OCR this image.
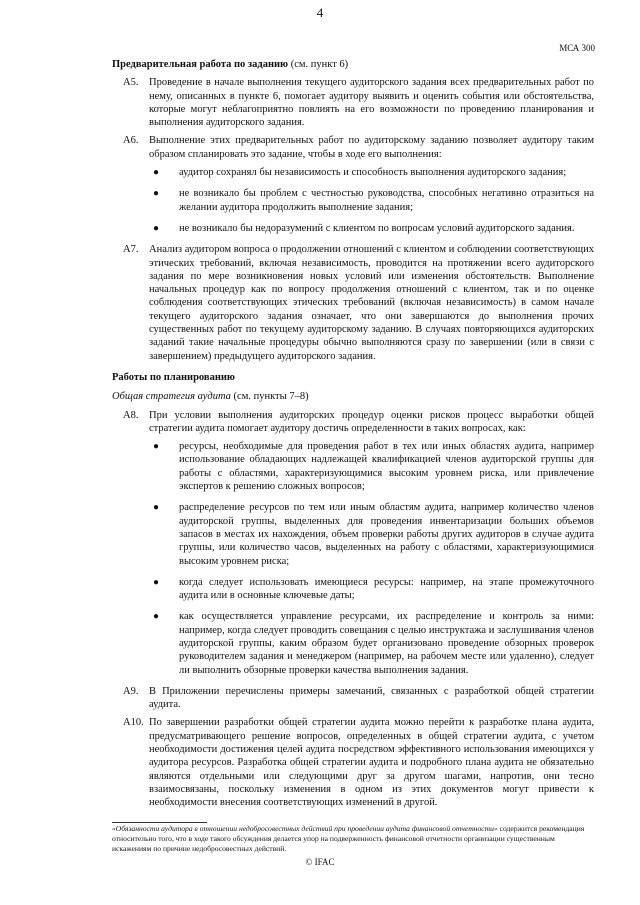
4
МСА 300

Предварительная работа по заданию (см. пункт 6)

A5.	Проведение в начале выполнения текущего аудиторского задания всех предварительных работ по нему, описанных в пункте 6, помогает аудитору выявить и оценить события или обстоятельства, которые могут неблагоприятно повлиять на его возможности по проведению планирования и выполнения аудиторского задания.
A6.	Выполнение этих предварительных работ по аудиторскому заданию позволяет аудитору таким образом спланировать это задание, чтобы в ходе его выполнения:
●	аудитор сохранял бы независимость и способность выполнения аудиторского задания;
●	не возникало бы проблем с честностью руководства, способных негативно отразиться на желании аудитора продолжить выполнение задания;
●	не возникало бы недоразумений с клиентом по вопросам условий аудиторского задания.
A7.	Анализ аудитором вопроса о продолжении отношений с клиентом и соблюдении соответствующих этических требований, включая независимость, проводится на протяжении всего аудиторского задания по мере возникновения новых условий или изменения обстоятельств. Выполнение начальных процедур как по вопросу продолжения отношений с клиентом, так и по оценке соблюдения соответствующих этических требований (включая независимость) в самом начале текущего аудиторского задания означает, что они завершаются до выполнения прочих существенных работ по текущему аудиторскому заданию. В случаях повторяющихся аудиторских заданий такие начальные процедуры обычно выполняются сразу по завершении (или в связи с завершением) предыдущего аудиторского задания.

Работы по планированию

Общая стратегия аудита (см. пункты 7–8)

A8.	При условии выполнения аудиторских процедур оценки рисков процесс выработки общей стратегии аудита помогает аудитору достичь определенности в таких вопросах, как:
●	ресурсы, необходимые для проведения работ в тех или иных областях аудита, например использование обладающих надлежащей квалификацией членов аудиторской группы для работы с областями, характеризующимися высоким уровнем риска, или привлечение экспертов к решению сложных вопросов;
●	распределение ресурсов по тем или иным областям аудита, например количество членов аудиторской группы, выделенных для проведения инвентаризации больших объемов запасов в местах их нахождения, объем проверки работы других аудиторов в случае аудита группы, или количество часов, выделенных на работу с областями, характеризующимися высоким уровнем риска;
●	когда следует использовать имеющиеся ресурсы: например, на этапе промежуточного аудита или в основные ключевые даты;
●	как осуществляется управление ресурсами, их распределение и контроль за ними: например, когда следует проводить совещания с целью инструктажа и заслушивания членов аудиторской группы, каким образом будет организовано проведение обзорных проверок руководителем задания и менеджером (например, на рабочем месте или удаленно), следует ли выполнить обзорные проверки качества выполнения задания.
A9.	В Приложении перечислены примеры замечаний, связанных с разработкой общей стратегии аудита.
A10. По завершении разработки общей стратегии аудита можно перейти к разработке плана аудита, предусматривающего решение вопросов, определенных в общей стратегии аудита, с учетом необходимости достижения целей аудита посредством эффективного использования имеющихся у аудитора ресурсов. Разработка общей стратегии аудита и подробного плана аудита не обязательно являются отдельными или следующими друг за другом шагами, напротив, они тесно взаимосвязаны, поскольку изменения в одном из этих документов могут привести к необходимости внесения соответствующих изменений в другой.
«Обязанности аудитора в отношении недобросовестных действий при проведении аудита финансовой отчетности» содержится рекомендация относительно того, что в ходе такого обсуждения делается упор на подверженность финансовой отчетности организации существенным искажениям по причине недобросовестных действий.
© IFAC
